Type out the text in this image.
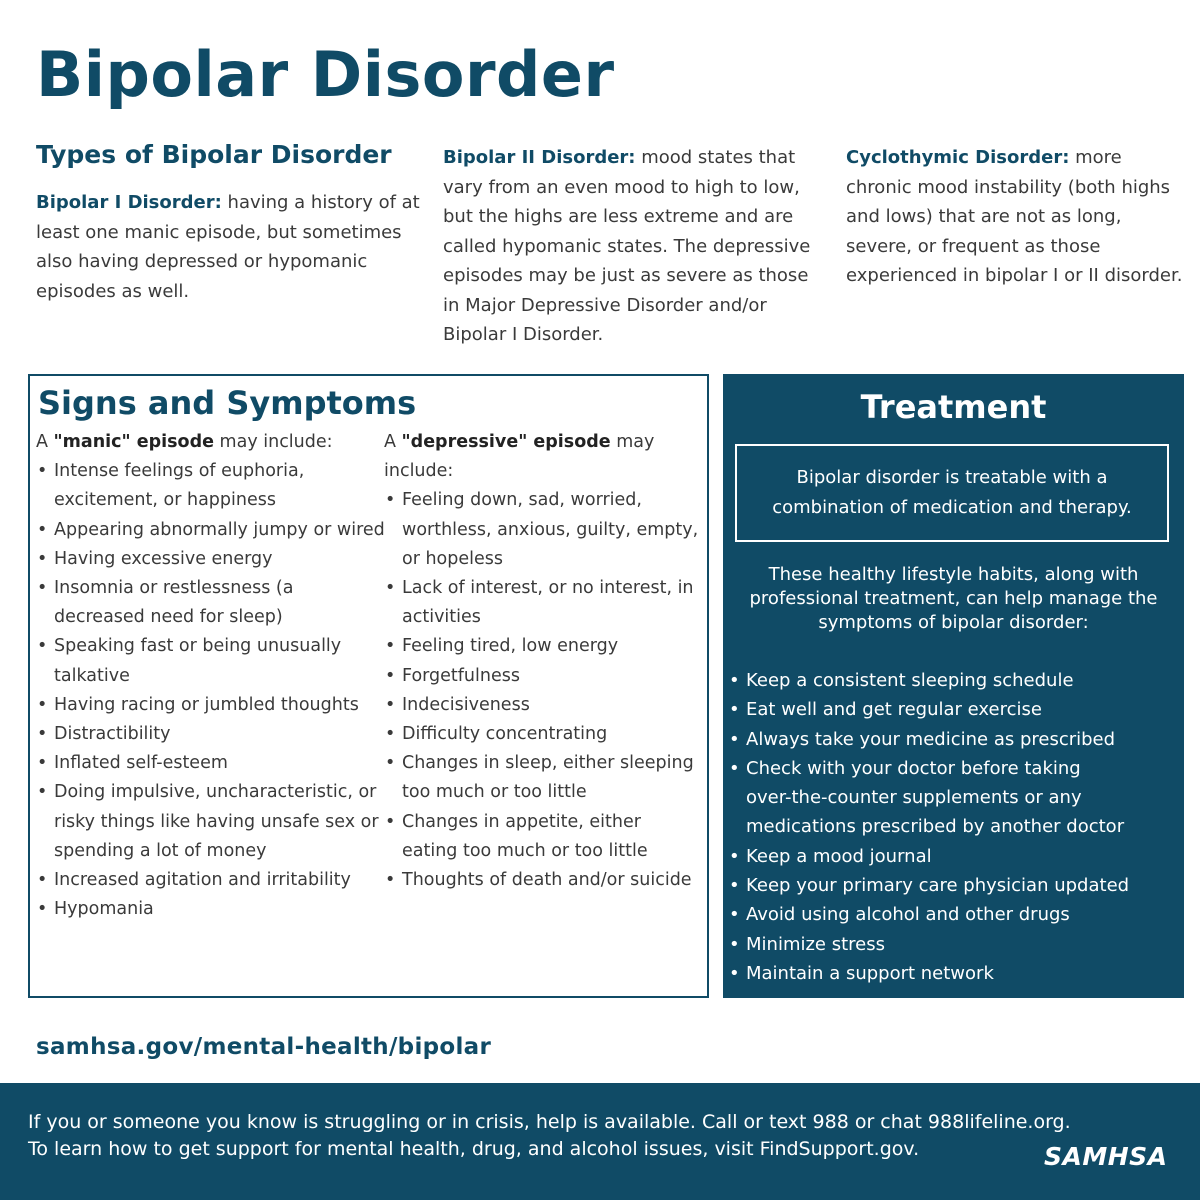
Bipolar Disorder
Types of Bipolar Disorder

Bipolar I Disorder: having a history of at least one manic episode, but sometimes also having depressed or hypomanic episodes as well.

Bipolar II Disorder: mood states that vary from an even mood to high to low, but the highs are less extreme and are called hypomanic states. The depressive episodes may be just as severe as those in Major Depressive Disorder and/or Bipolar I Disorder.

Cyclothymic Disorder: more chronic mood instability (both highs and lows) that are not as long, severe, or frequent as those experienced in bipolar I or II disorder.

Signs and Symptoms

A "manic" episode may include:

• Intense feelings of euphoria, excitement, or happiness
• Appearing abnormally jumpy or wired
• Having excessive energy
• Insomnia or restlessness (a decreased need for sleep)
• Speaking fast or being unusually talkative
• Having racing or jumbled thoughts
• Distractibility
• Inflated self-esteem
• Doing impulsive, uncharacteristic, or risky things like having unsafe sex or spending a lot of money
• Increased agitation and irritability
• Hypomania

A "depressive" episode may include:

• Feeling down, sad, worried, worthless, anxious, guilty, empty, or hopeless
• Lack of interest, or no interest, in activities
• Feeling tired, low energy
• Forgetfulness
• Indecisiveness
• Difficulty concentrating
• Changes in sleep, either sleeping too much or too little
• Changes in appetite, either eating too much or too little
• Thoughts of death and/or suicide
Treatment
Bipolar disorder is treatable with a combination of medication and therapy.

These healthy lifestyle habits, along with professional treatment, can help manage the symptoms of bipolar disorder:

• Keep a consistent sleeping schedule
• Eat well and get regular exercise
• Always take your medicine as prescribed
• Check with your doctor before taking
over-the-counter supplements or any
medications prescribed by another doctor
• Keep a mood journal
• Keep your primary care physician updated
• Avoid using alcohol and other drugs
• Minimize stress
• Maintain a support network
samhsa.gov/mental-health/bipolar
If you or someone you know is struggling or in crisis, help is available. Call or text 988 or chat 988lifeline.org.
To learn how to get support for mental health, drug, and alcohol issues, visit FindSupport.gov.	SAMHSA
